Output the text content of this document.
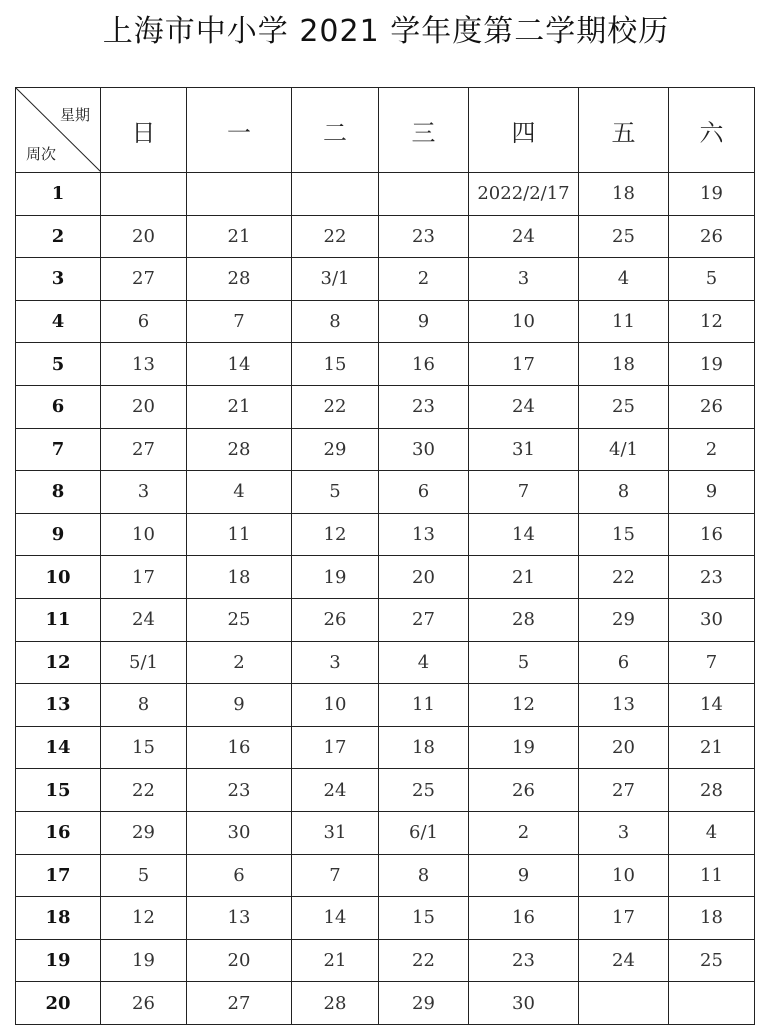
上海市中小学 2021 学年度第二学期校历
星期
周次	日	一	二	三	四	五	六
1					2022/2/17	18	19
2	20	21	22	23	24	25	26
3	27	28	3/1	2	3	4	5
4	6	7	8	9	10	11	12
5	13	14	15	16	17	18	19
6	20	21	22	23	24	25	26
7	27	28	29	30	31	4/1	2
8	3	4	5	6	7	8	9
9	10	11	12	13	14	15	16
10	17	18	19	20	21	22	23
11	24	25	26	27	28	29	30
12	5/1	2	3	4	5	6	7
13	8	9	10	11	12	13	14
14	15	16	17	18	19	20	21
15	22	23	24	25	26	27	28
16	29	30	31	6/1	2	3	4
17	5	6	7	8	9	10	11
18	12	13	14	15	16	17	18
19	19	20	21	22	23	24	25
20	26	27	28	29	30		
